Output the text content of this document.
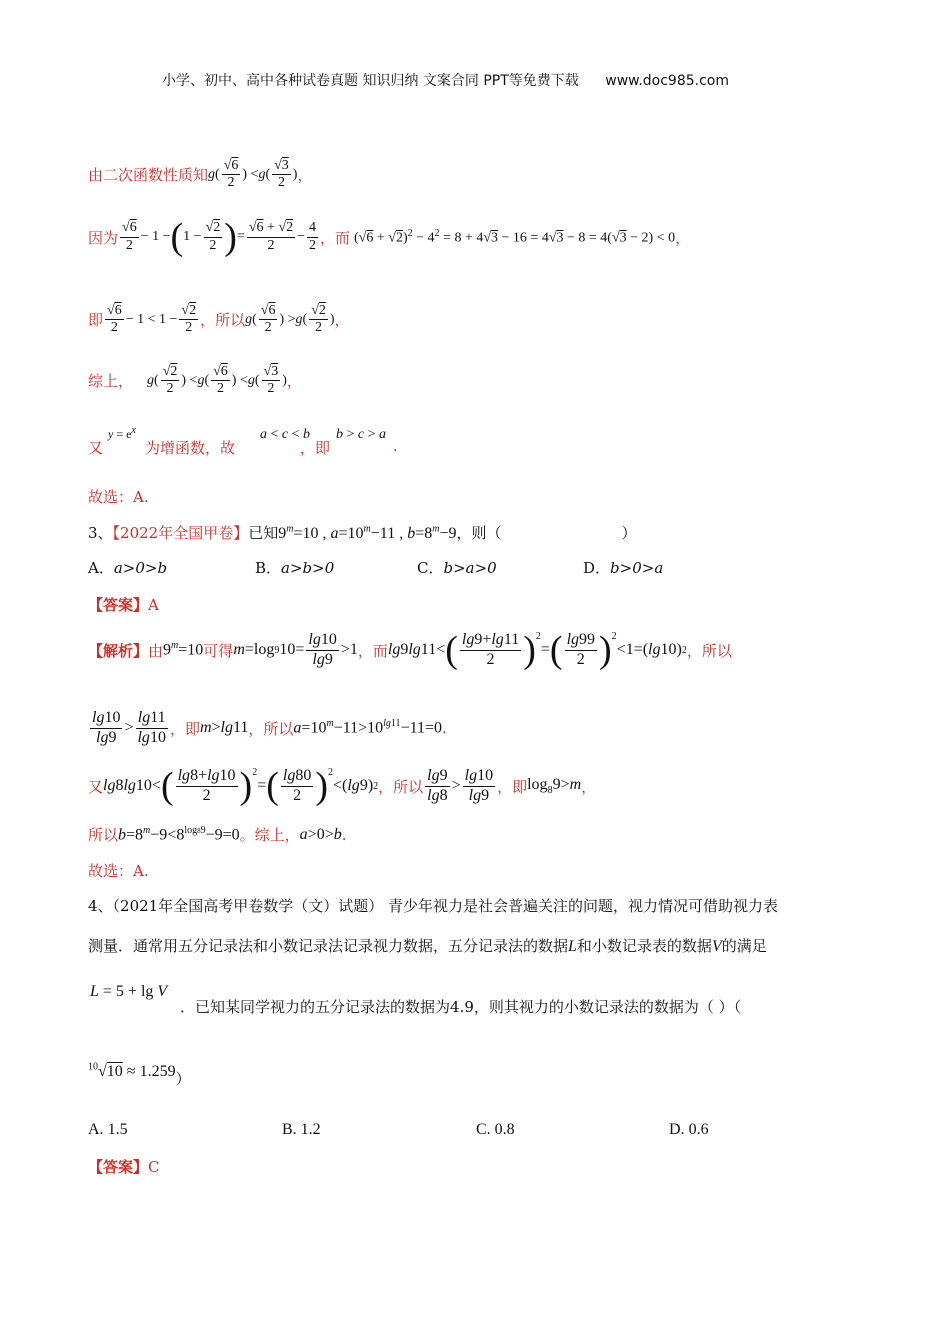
小学、初中、高中各种试卷真题 知识归纳 文案合同 PPT等免费下载 www.doc985.com
由二次函数性质知 g ( $\frac{√6}{2}$ ) < g ( $\frac{√3}{2}$ ) ，
因为 $\frac{√6}{2} - 1$ − ( $1 - \frac{√2}{2}$ ) = $\frac{√6 + √2}{2} - \frac{4}{2}$ ，而 $(√6 + √2)^2 - 4^2 = 8 + 4√3 - 16 = 4√3 - 8 = 4(√3 - 2) < 0$ ，
即 $\frac{√6}{2} - 1 < 1 - \frac{√2}{2}$ ，所以 g ( $\frac{√6}{2}$ ) > g ( $\frac{√2}{2}$ ) ，
综上， g ( $\frac{√2}{2}$ ) < g ( $\frac{√6}{2}$ ) < g ( $\frac{√3}{2}$ ) ，
又
$y = e^x$
为增函数，故
a < c < b
，即
b > c > a
.
故选：A.
3、【2022年全国甲卷】已知$9^m=10$ , $a=10^m-11$ , $b=8^m-9$，则（	）
A．a>0>b	B．a>b>0	C．b>a>0	D．b>0>a
【答案】A
【解析】 由 $9^m=10$ 可得 m =log 9 $10= \frac{\lg 10}{\lg 9} >1$ ，而 lg 9 lg 11< ( $\frac{\lg 9+\lg 11}{2}$ ) 2
= ( $\frac{\lg 99}{2}$ ) 2
<1=( lg 10) 2 ，所以
$\frac{\lg 10}{\lg 9} > \frac{\lg 11}{\lg 10}$ ，即 m>lg11 ，所以 $a=10^m-11>10^{lg11}-11=0$ .
又 lg 8 lg 10< ( $\frac{\lg 8+\lg 10}{2}$ ) 2
= ( $\frac{\lg 80}{2}$ ) 2
<( lg 9) 2 ，所以 $\frac{\lg 9}{\lg 8} > \frac{\lg 10}{\lg 9}$ ，即 $\log_89>m$ ，
所以 $b=8^m-9<8^{log89}-9=0$ 。综上， a>0>b .
故选：A.
4、（2021年全国高考甲卷数学（文）试题） 青少年视力是社会普遍关注的问题，视力情况可借助视力表
测量．通常用五分记录法和小数记录法记录视力数据，五分记录法的数据L和小数记录表的数据V的满足
L = 5 + lg V
．已知某同学视力的五分记录法的数据为4.9，则其视力的小数记录法的数据为（ ）（
$^{10}$√10 ≈ 1.259）
A. 1.5	B. 1.2	C. 0.8	D. 0.6
【答案】C
